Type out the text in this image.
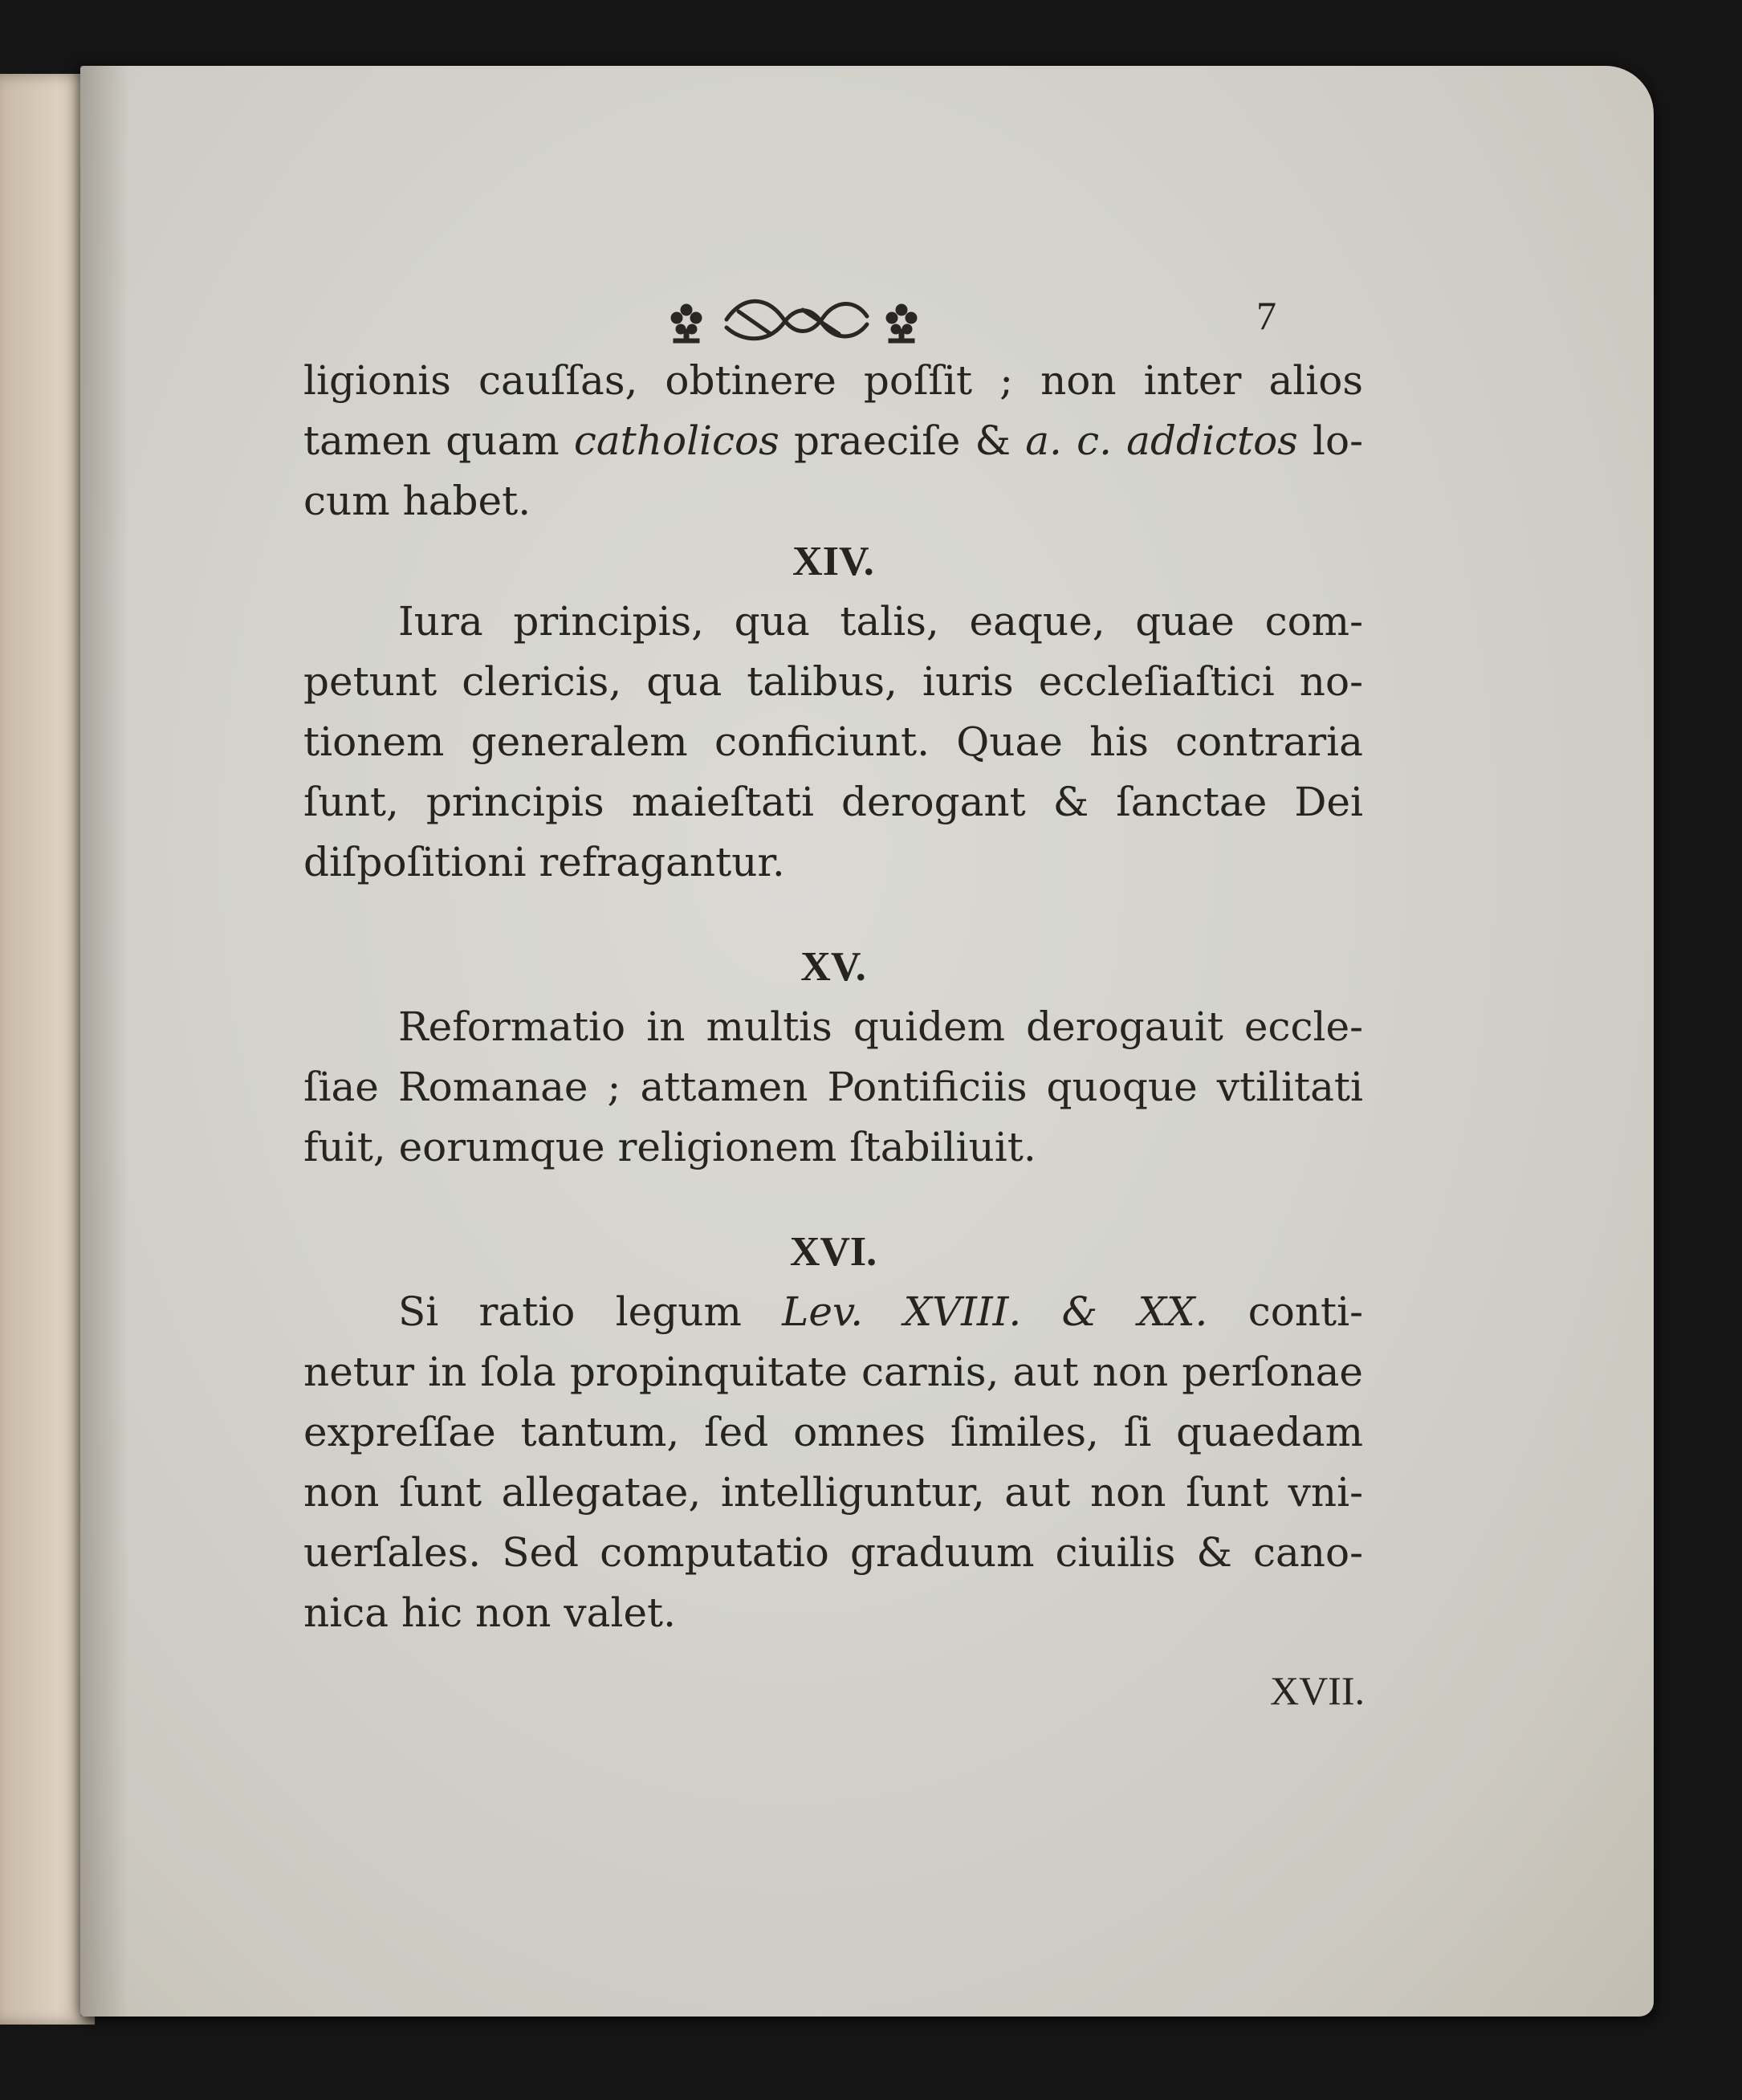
7

ligionis cauſſas, obtinere poſſit ; non inter alios
tamen quam catholicos praeciſe & a. c. addictos lo-
cum habet.

XIV.

Iura principis, qua talis, eaque, quae com-
petunt clericis, qua talibus, iuris eccleſiaſtici no-
tionem generalem conficiunt. Quae his contraria
ſunt, principis maieſtati derogant & ſanctae Dei
diſpoſitioni refragantur.

XV.

Reformatio in multis quidem derogauit eccle-
ſiae Romanae ; attamen Pontificiis quoque vtilitati
fuit, eorumque religionem ſtabiliuit.

XVI.

Si ratio legum Lev. XVIII. & XX. conti-
netur in ſola propinquitate carnis, aut non perſonae
expreſſae tantum, ſed omnes ſimiles, ſi quaedam
non ſunt allegatae, intelliguntur, aut non ſunt vni-
uerſales. Sed computatio graduum ciuilis & cano-
nica hic non valet.

XVII.
